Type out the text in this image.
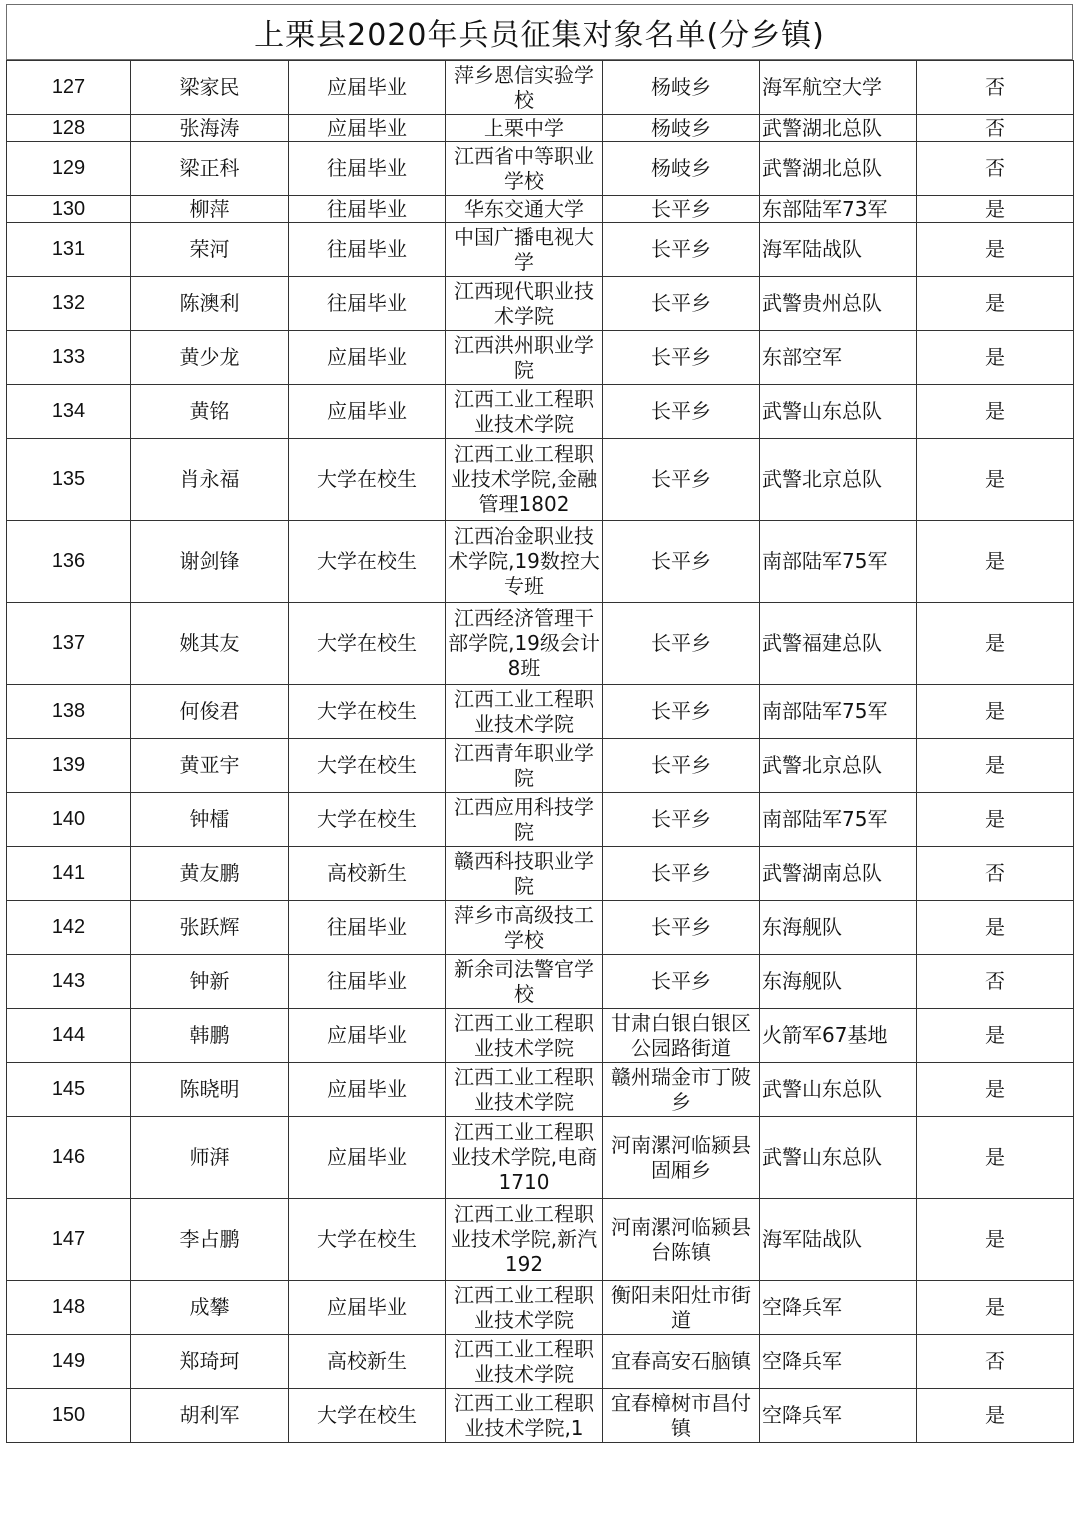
上栗县2020年兵员征集对象名单(分乡镇)
127	梁家民	应届毕业	萍乡恩信实验学校	杨岐乡	海军航空大学	否
128	张海涛	应届毕业	上栗中学	杨岐乡	武警湖北总队	否
129	梁正科	往届毕业	江西省中等职业学校	杨岐乡	武警湖北总队	否
130	柳萍	往届毕业	华东交通大学	长平乡	东部陆军73军	是
131	荣河	往届毕业	中国广播电视大学	长平乡	海军陆战队	是
132	陈澳利	往届毕业	江西现代职业技术学院	长平乡	武警贵州总队	是
133	黄少龙	应届毕业	江西洪州职业学院	长平乡	东部空军	是
134	黄铭	应届毕业	江西工业工程职业技术学院	长平乡	武警山东总队	是
135	肖永福	大学在校生	江西工业工程职业技术学院,金融管理1802	长平乡	武警北京总队	是
136	谢剑锋	大学在校生	江西冶金职业技术学院,19数控大专班	长平乡	南部陆军75军	是
137	姚其友	大学在校生	江西经济管理干部学院,19级会计8班	长平乡	武警福建总队	是
138	何俊君	大学在校生	江西工业工程职业技术学院	长平乡	南部陆军75军	是
139	黄亚宇	大学在校生	江西青年职业学院	长平乡	武警北京总队	是
140	钟檑	大学在校生	江西应用科技学院	长平乡	南部陆军75军	是
141	黄友鹏	高校新生	赣西科技职业学院	长平乡	武警湖南总队	否
142	张跃辉	往届毕业	萍乡市高级技工学校	长平乡	东海舰队	是
143	钟新	往届毕业	新余司法警官学校	长平乡	东海舰队	否
144	韩鹏	应届毕业	江西工业工程职业技术学院	甘肃白银白银区公园路街道	火箭军67基地	是
145	陈晓明	应届毕业	江西工业工程职业技术学院	赣州瑞金市丁陂乡	武警山东总队	是
146	师湃	应届毕业	江西工业工程职业技术学院,电商1710	河南漯河临颍县固厢乡	武警山东总队	是
147	李占鹏	大学在校生	江西工业工程职业技术学院,新汽192	河南漯河临颍县台陈镇	海军陆战队	是
148	成攀	应届毕业	江西工业工程职业技术学院	衡阳耒阳灶市街道	空降兵军	是
149	郑琦珂	高校新生	江西工业工程职业技术学院	宜春高安石脑镇	空降兵军	否
150	胡利军	大学在校生	江西工业工程职业技术学院,1	宜春樟树市昌付镇	空降兵军	是
